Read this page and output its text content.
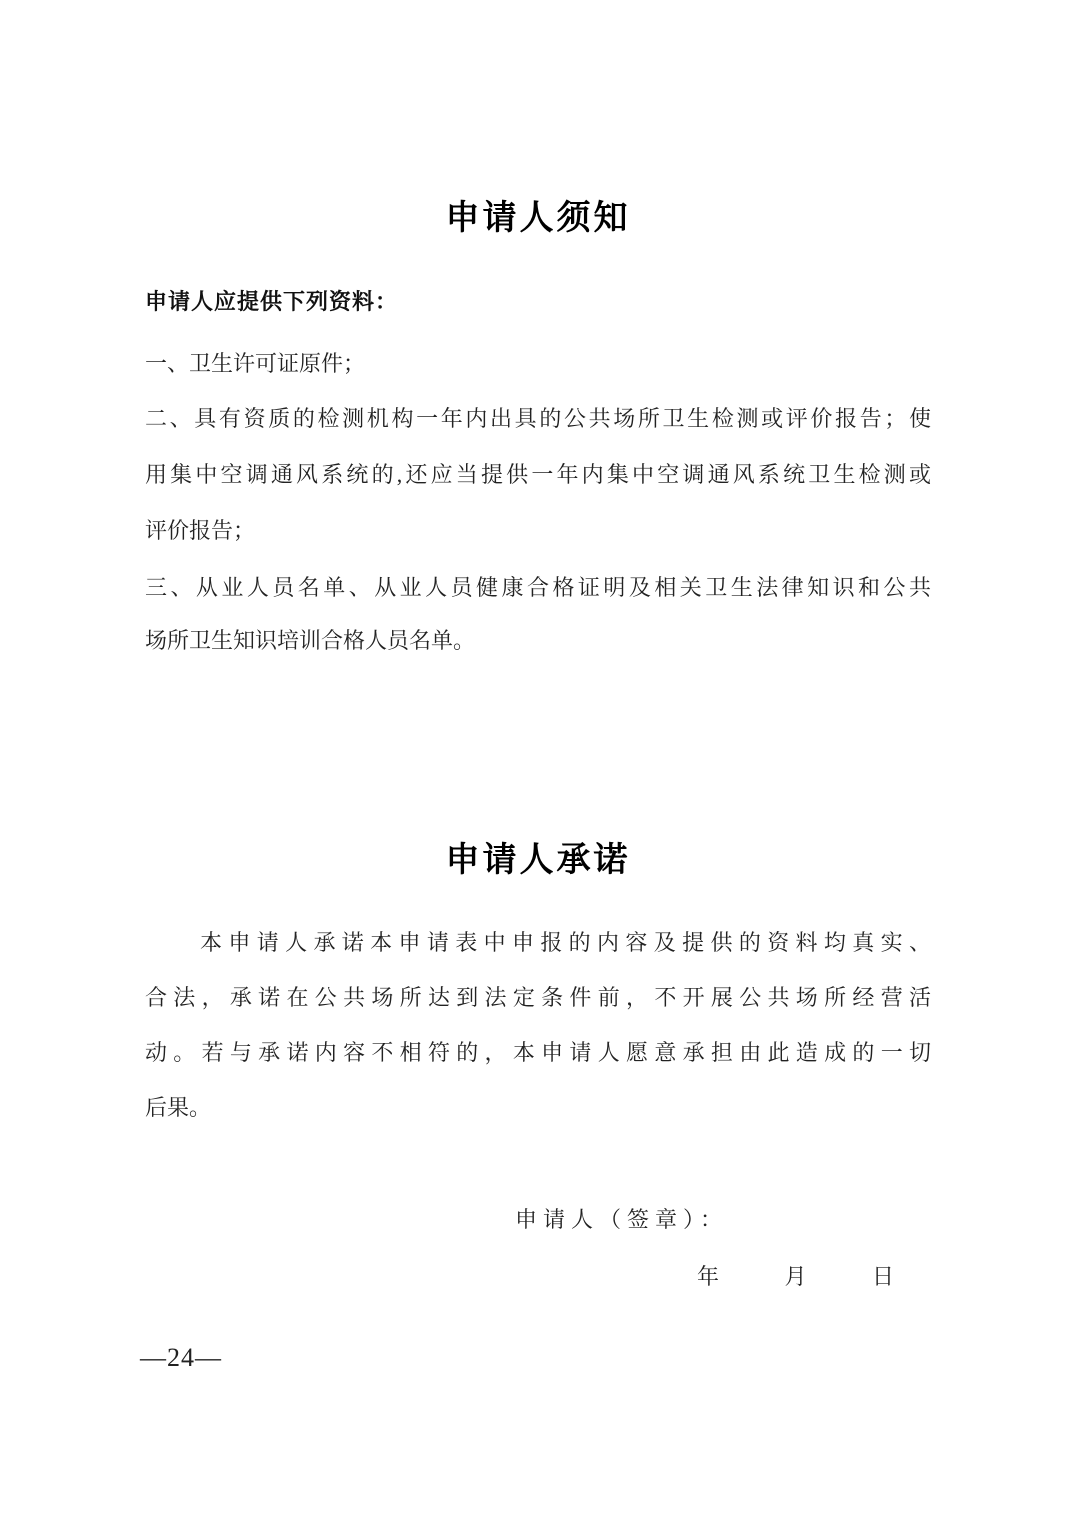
申请人须知
申请人应提供下列资料：
一、卫生许可证原件；
二、具有资质的检测机构一年内出具的公共场所卫生检测或评价报告；使
用集中空调通风系统的,还应当提供一年内集中空调通风系统卫生检测或
评价报告；
三、从业人员名单、从业人员健康合格证明及相关卫生法律知识和公共
场所卫生知识培训合格人员名单。
申请人承诺
本申请人承诺本申请表中申报的内容及提供的资料均真实、
合法，承诺在公共场所达到法定条件前，不开展公共场所经营活
动。若与承诺内容不相符的，本申请人愿意承担由此造成的一切
后果。
申请人（签章）：
年	月	日
—24—
